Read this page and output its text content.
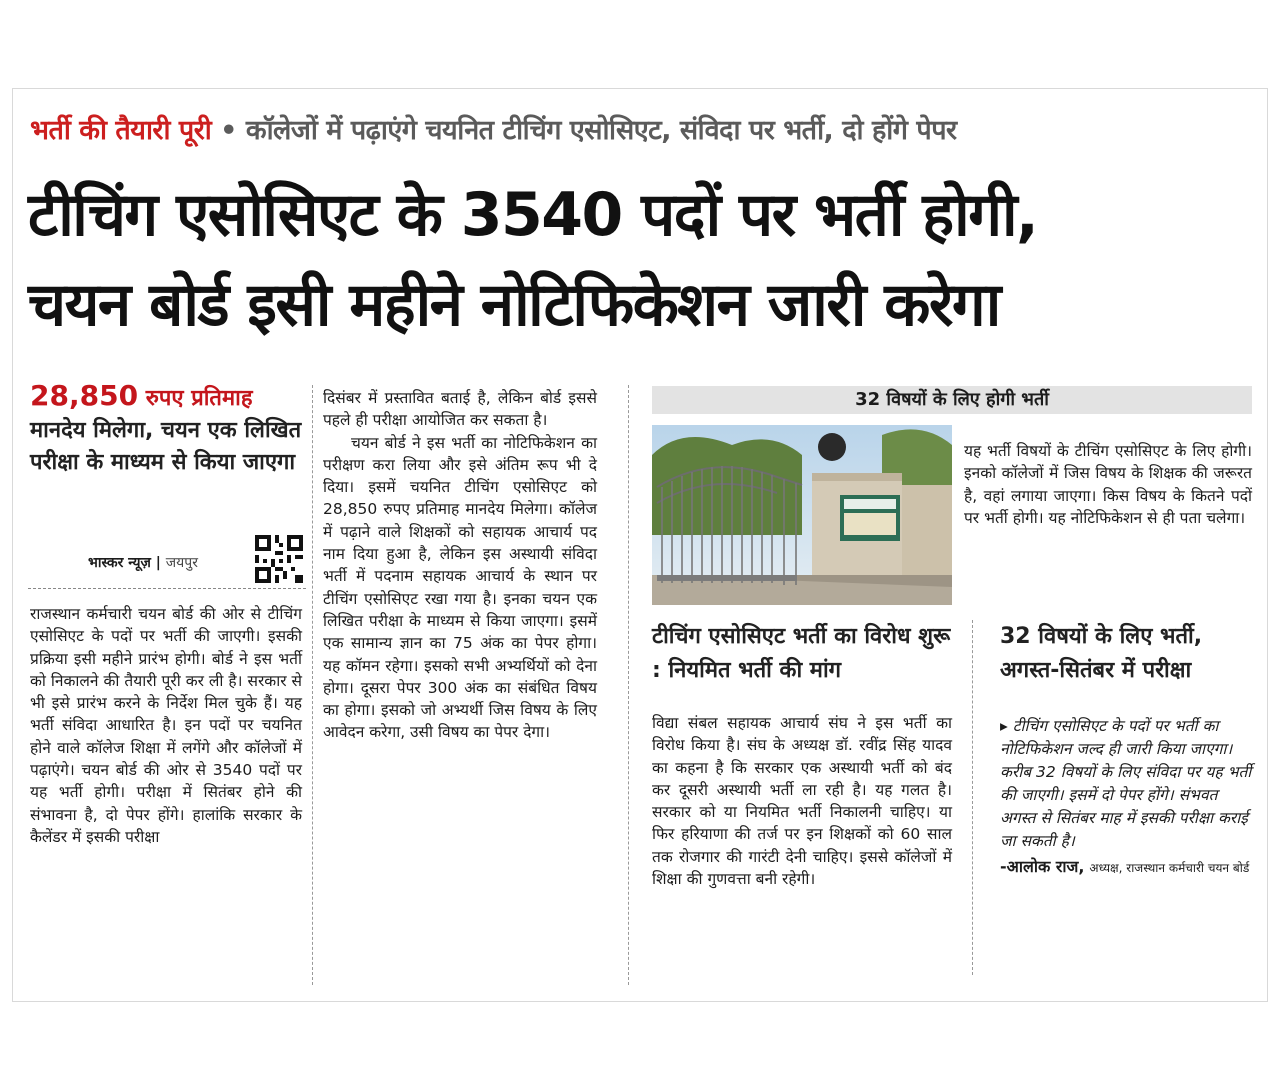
भर्ती की तैयारी पूरी • कॉलेजों में पढ़ाएंगे चयनित टीचिंग एसोसिएट, संविदा पर भर्ती, दो होंगे पेपर
टीचिंग एसोसिएट के 3540 पदों पर भर्ती होगी,
चयन बोर्ड इसी महीने नोटिफिकेशन जारी करेगा
28,850 रुपए प्रतिमाह मानदेय मिलेगा, चयन एक लिखित परीक्षा के माध्यम से किया जाएगा
भास्कर न्यूज़ | जयपुर
राजस्थान कर्मचारी चयन बोर्ड की ओर से टीचिंग एसोसिएट के पदों पर भर्ती की जाएगी। इसकी प्रक्रिया इसी महीने प्रारंभ होगी। बोर्ड ने इस भर्ती को निकालने की तैयारी पूरी कर ली है। सरकार से भी इसे प्रारंभ करने के निर्देश मिल चुके हैं। यह भर्ती संविदा आधारित है। इन पदों पर चयनित होने वाले कॉलेज शिक्षा में लगेंगे और कॉलेजों में पढ़ाएंगे। चयन बोर्ड की ओर से 3540 पदों पर यह भर्ती होगी। परीक्षा में सितंबर होने की संभावना है, दो पेपर होंगे। हालांकि सरकार के कैलेंडर में इसकी परीक्षा
दिसंबर में प्रस्तावित बताई है, लेकिन बोर्ड इससे पहले ही परीक्षा आयोजित कर सकता है।
चयन बोर्ड ने इस भर्ती का नोटिफिकेशन का परीक्षण करा लिया और इसे अंतिम रूप भी दे दिया। इसमें चयनित टीचिंग एसोसिएट को 28,850 रुपए प्रतिमाह मानदेय मिलेगा। कॉलेज में पढ़ाने वाले शिक्षकों को सहायक आचार्य पद नाम दिया हुआ है, लेकिन इस अस्थायी संविदा भर्ती में पदनाम सहायक आचार्य के स्थान पर टीचिंग एसोसिएट रखा गया है। इनका चयन एक लिखित परीक्षा के माध्यम से किया जाएगा। इसमें एक सामान्य ज्ञान का 75 अंक का पेपर होगा। यह कॉमन रहेगा। इसको सभी अभ्यर्थियों को देना होगा। दूसरा पेपर 300 अंक का संबंधित विषय का होगा। इसको जो अभ्यर्थी जिस विषय के लिए आवेदन करेगा, उसी विषय का पेपर देगा।
32 विषयों के लिए होगी भर्ती
यह भर्ती विषयों के टीचिंग एसोसिएट के लिए होगी। इनको कॉलेजों में जिस विषय के शिक्षक की जरूरत है, वहां लगाया जाएगा। किस विषय के कितने पदों पर भर्ती होगी। यह नोटिफिकेशन से ही पता चलेगा।
टीचिंग एसोसिएट भर्ती का विरोध शुरू : नियमित भर्ती की मांग
विद्या संबल सहायक आचार्य संघ ने इस भर्ती का विरोध किया है। संघ के अध्यक्ष डॉ. रवींद्र सिंह यादव का कहना है कि सरकार एक अस्थायी भर्ती को बंद कर दूसरी अस्थायी भर्ती ला रही है। यह गलत है। सरकार को या नियमित भर्ती निकालनी चाहिए। या फिर हरियाणा की तर्ज पर इन शिक्षकों को 60 साल तक रोजगार की गारंटी देनी चाहिए। इससे कॉलेजों में शिक्षा की गुणवत्ता बनी रहेगी।
32 विषयों के लिए भर्ती, अगस्त-सितंबर में परीक्षा
▸ टीचिंग एसोसिएट के पदों पर भर्ती का नोटिफिकेशन जल्द ही जारी किया जाएगा। करीब 32 विषयों के लिए संविदा पर यह भर्ती की जाएगी। इसमें दो पेपर होंगे। संभवत अगस्त से सितंबर माह में इसकी परीक्षा कराई जा सकती है।
-आलोक राज, अध्यक्ष, राजस्थान कर्मचारी चयन बोर्ड
